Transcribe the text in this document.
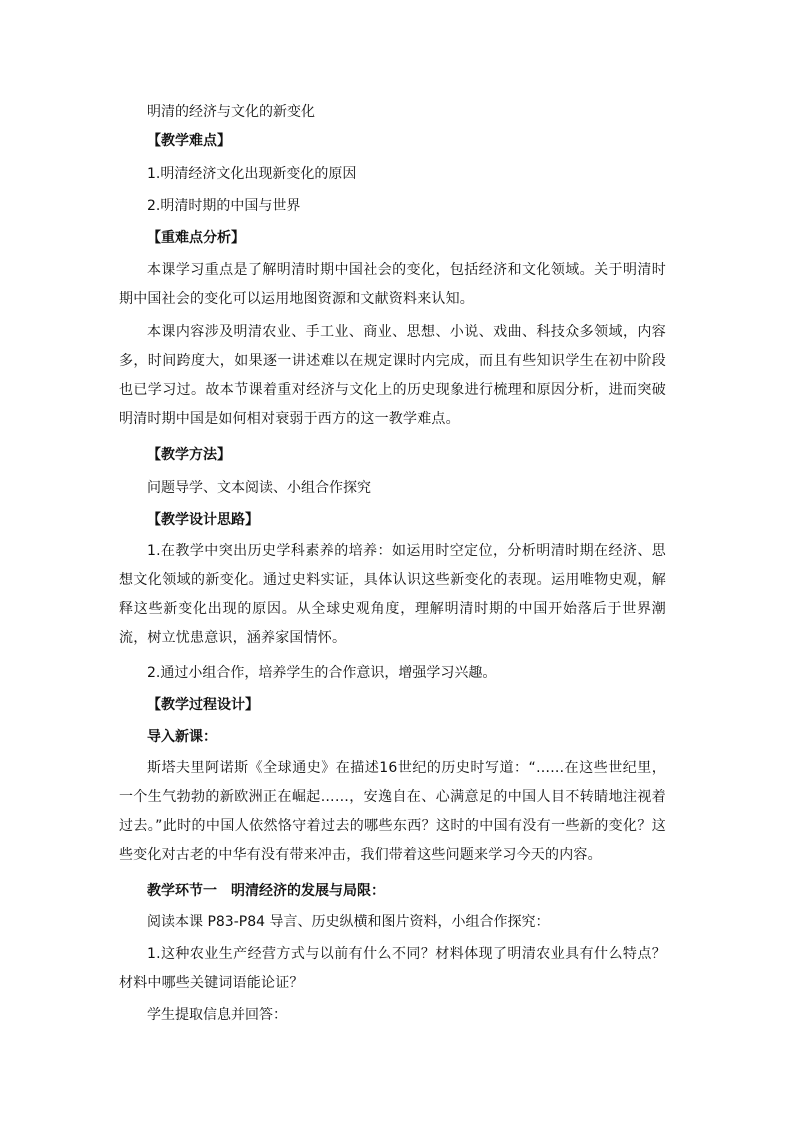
明清的经济与文化的新变化

【教学难点】

1.明清经济文化出现新变化的原因

2.明清时期的中国与世界

【重难点分析】

本课学习重点是了解明清时期中国社会的变化，包括经济和文化领域。关于明清时期中国社会的变化可以运用地图资源和文献资料来认知。

本课内容涉及明清农业、手工业、商业、思想、小说、戏曲、科技众多领域，内容多，时间跨度大，如果逐一讲述难以在规定课时内完成，而且有些知识学生在初中阶段也已学习过。故本节课着重对经济与文化上的历史现象进行梳理和原因分析，进而突破明清时期中国是如何相对衰弱于西方的这一教学难点。

【教学方法】

问题导学、文本阅读、小组合作探究

【教学设计思路】

1.在教学中突出历史学科素养的培养：如运用时空定位，分析明清时期在经济、思想文化领域的新变化。通过史料实证，具体认识这些新变化的表现。运用唯物史观，解释这些新变化出现的原因。从全球史观角度，理解明清时期的中国开始落后于世界潮流，树立忧患意识，涵养家国情怀。

2.通过小组合作，培养学生的合作意识，增强学习兴趣。

【教学过程设计】

导入新课：

斯塔夫里阿诺斯《全球通史》在描述16世纪的历史时写道：“……在这些世纪里，一个生气勃勃的新欧洲正在崛起……，安逸自在、心满意足的中国人目不转睛地注视着过去。”此时的中国人依然恪守着过去的哪些东西？这时的中国有没有一些新的变化？这些变化对古老的中华有没有带来冲击，我们带着这些问题来学习今天的内容。

教学环节一　明清经济的发展与局限：

阅读本课 P83-P84 导言、历史纵横和图片资料，小组合作探究：

1.这种农业生产经营方式与以前有什么不同？材料体现了明清农业具有什么特点？材料中哪些关键词语能论证？

学生提取信息并回答：
